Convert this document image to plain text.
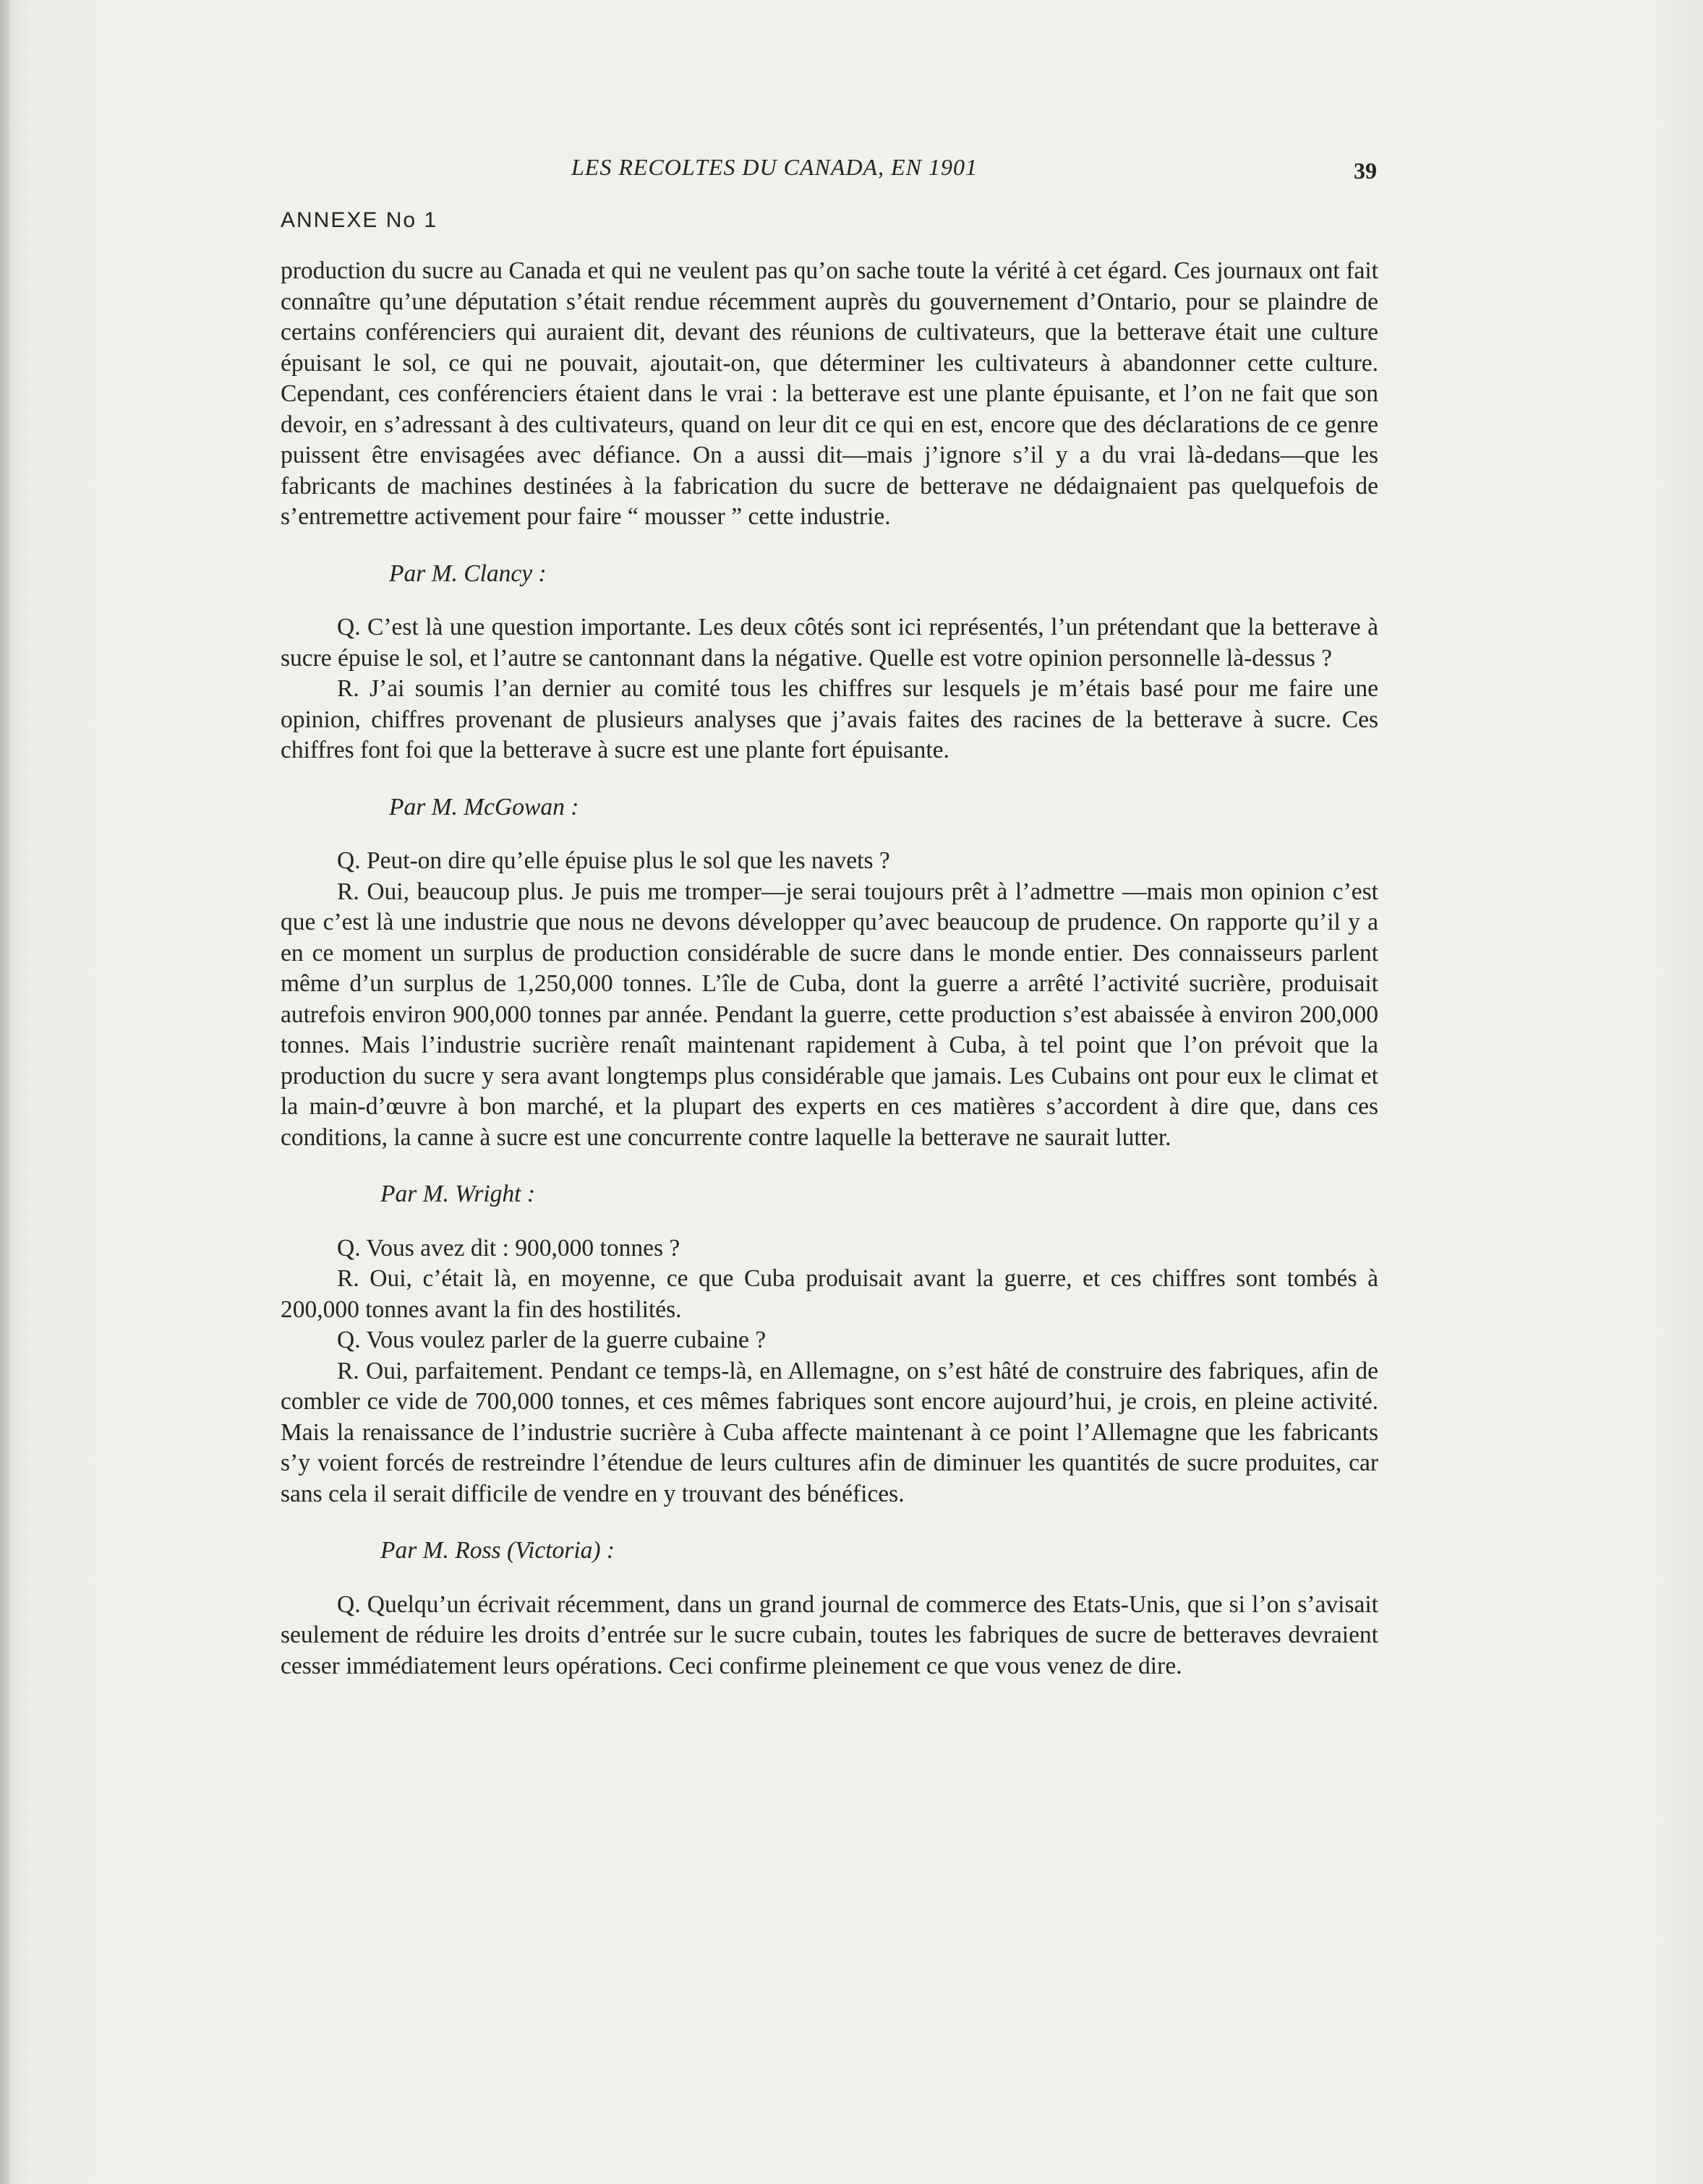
LES RECOLTES DU CANADA, EN 1901	39
ANNEXE No 1

production du sucre au Canada et qui ne veulent pas qu’on sache toute la vérité à cet égard. Ces journaux ont fait connaître qu’une députation s’était rendue récemment auprès du gouvernement d’Ontario, pour se plaindre de certains conférenciers qui auraient dit, devant des réunions de cultivateurs, que la betterave était une culture épuisant le sol, ce qui ne pouvait, ajoutait-on, que déterminer les cultivateurs à abandonner cette culture. Cependant, ces conférenciers étaient dans le vrai : la betterave est une plante épuisante, et l’on ne fait que son devoir, en s’adressant à des cultivateurs, quand on leur dit ce qui en est, encore que des déclarations de ce genre puissent être envisagées avec défiance. On a aussi dit—mais j’ignore s’il y a du vrai là-dedans—que les fabricants de machines destinées à la fabrication du sucre de betterave ne dédaignaient pas quelquefois de s’entremettre activement pour faire “ mousser ” cette industrie.

Par M. Clancy :

Q. C’est là une question importante. Les deux côtés sont ici représentés, l’un prétendant que la betterave à sucre épuise le sol, et l’autre se cantonnant dans la négative. Quelle est votre opinion personnelle là-dessus ?

R. J’ai soumis l’an dernier au comité tous les chiffres sur lesquels je m’étais basé pour me faire une opinion, chiffres provenant de plusieurs analyses que j’avais faites des racines de la betterave à sucre. Ces chiffres font foi que la betterave à sucre est une plante fort épuisante.

Par M. McGowan :

Q. Peut-on dire qu’elle épuise plus le sol que les navets ?

R. Oui, beaucoup plus. Je puis me tromper—je serai toujours prêt à l’admettre —mais mon opinion c’est que c’est là une industrie que nous ne devons développer qu’avec beaucoup de prudence. On rapporte qu’il y a en ce moment un surplus de production considérable de sucre dans le monde entier. Des connaisseurs parlent même d’un surplus de 1,250,000 tonnes. L’île de Cuba, dont la guerre a arrêté l’activité sucrière, produisait autrefois environ 900,000 tonnes par année. Pendant la guerre, cette production s’est abaissée à environ 200,000 tonnes. Mais l’industrie sucrière renaît maintenant rapidement à Cuba, à tel point que l’on prévoit que la production du sucre y sera avant longtemps plus considérable que jamais. Les Cubains ont pour eux le climat et la main-d’œuvre à bon marché, et la plupart des experts en ces matières s’accordent à dire que, dans ces conditions, la canne à sucre est une concurrente contre laquelle la betterave ne saurait lutter.

Par M. Wright :

Q. Vous avez dit : 900,000 tonnes ?

R. Oui, c’était là, en moyenne, ce que Cuba produisait avant la guerre, et ces chiffres sont tombés à 200,000 tonnes avant la fin des hostilités.

Q. Vous voulez parler de la guerre cubaine ?

R. Oui, parfaitement. Pendant ce temps-là, en Allemagne, on s’est hâté de construire des fabriques, afin de combler ce vide de 700,000 tonnes, et ces mêmes fabriques sont encore aujourd’hui, je crois, en pleine activité. Mais la renaissance de l’industrie sucrière à Cuba affecte maintenant à ce point l’Allemagne que les fabricants s’y voient forcés de restreindre l’étendue de leurs cultures afin de diminuer les quantités de sucre produites, car sans cela il serait difficile de vendre en y trouvant des bénéfices.

Par M. Ross (Victoria) :

Q. Quelqu’un écrivait récemment, dans un grand journal de commerce des Etats-Unis, que si l’on s’avisait seulement de réduire les droits d’entrée sur le sucre cubain, toutes les fabriques de sucre de betteraves devraient cesser immédiatement leurs opérations. Ceci confirme pleinement ce que vous venez de dire.
